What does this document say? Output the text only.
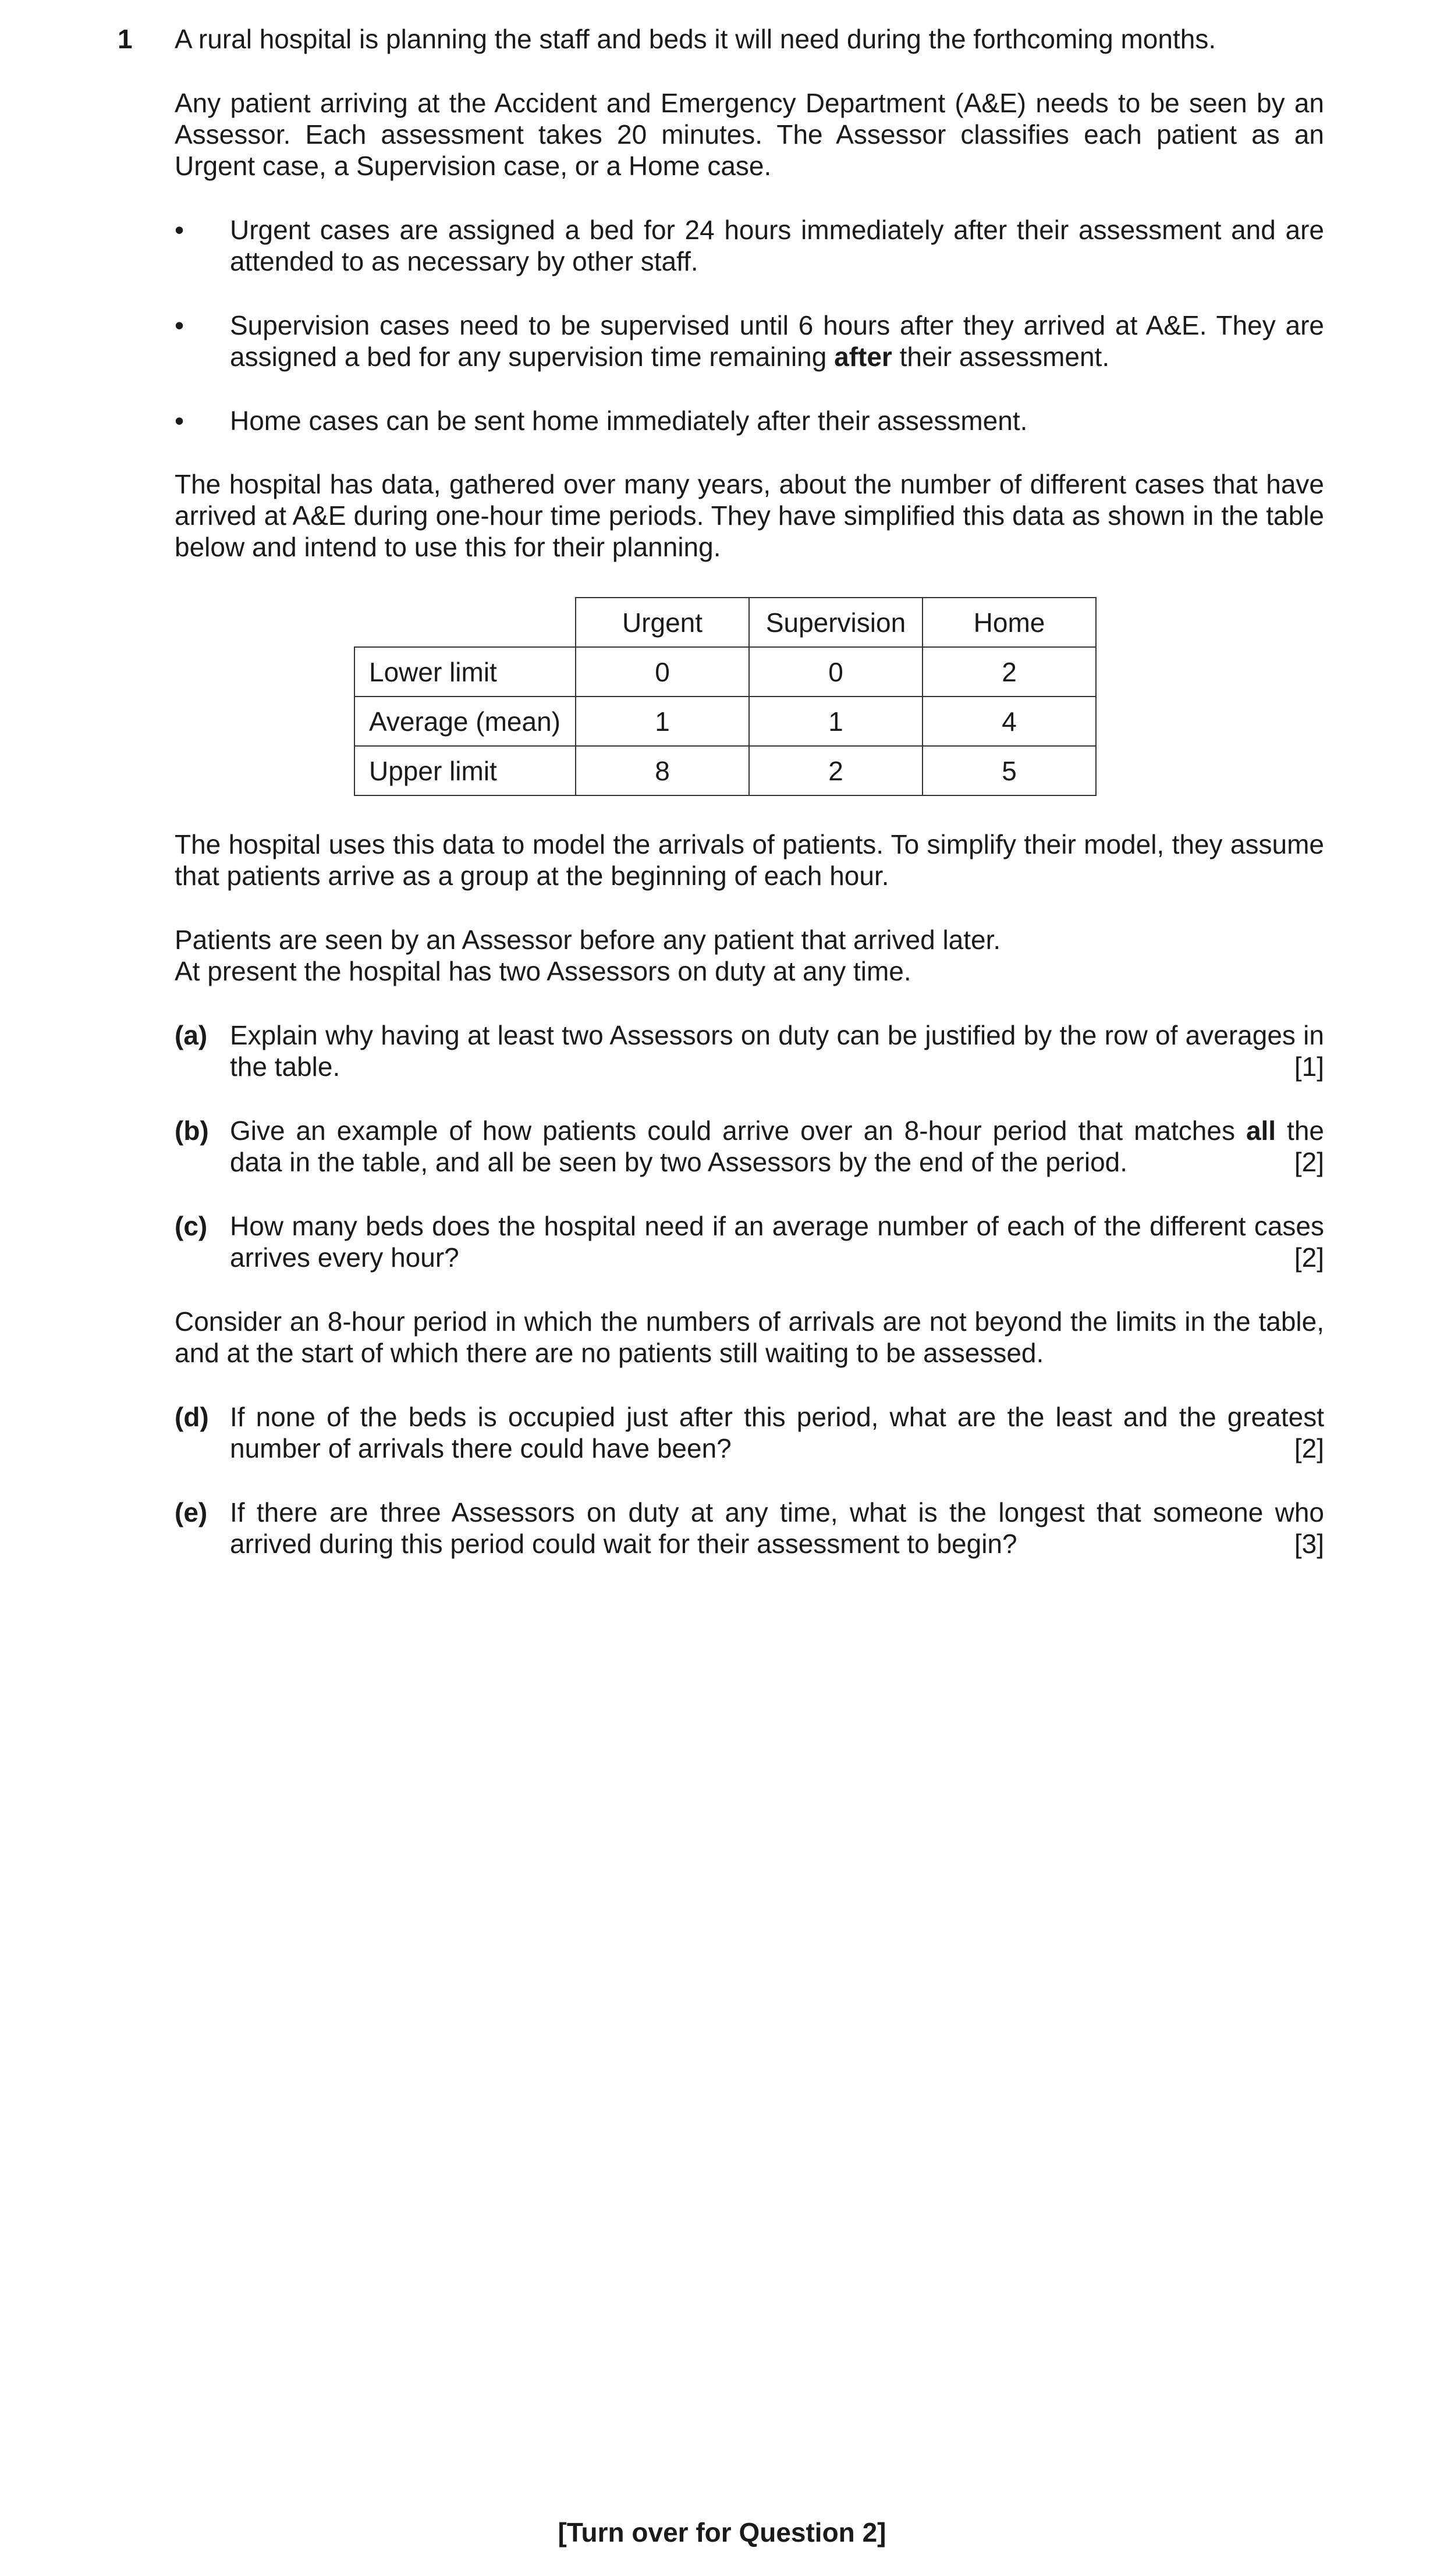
1 A rural hospital is planning the staff and beds it will need during the forthcoming months.

Any patient arriving at the Accident and Emergency Department (A&E) needs to be seen by an Assessor. Each assessment takes 20 minutes. The Assessor classifies each patient as an Urgent case, a Supervision case, or a Home case.

•	Urgent cases are assigned a bed for 24 hours immediately after their assessment and are attended to as necessary by other staff.
•	Supervision cases need to be supervised until 6 hours after they arrived at A&E. They are assigned a bed for any supervision time remaining after their assessment.
•	Home cases can be sent home immediately after their assessment.

The hospital has data, gathered over many years, about the number of different cases that have arrived at A&E during one-hour time periods. They have simplified this data as shown in the table below and intend to use this for their planning.

	Urgent	Supervision	Home
Lower limit	0	0	2
Average (mean)	1	1	4
Upper limit	8	2	5

The hospital uses this data to model the arrivals of patients. To simplify their model, they assume that patients arrive as a group at the beginning of each hour.

Patients are seen by an Assessor before any patient that arrived later.

At present the hospital has two Assessors on duty at any time.

(a) Explain why having at least two Assessors on duty can be justified by the row of averages in the table.	[1]
(b) Give an example of how patients could arrive over an 8-hour period that matches all the data in the table, and all be seen by two Assessors by the end of the period.	[2]
(c) How many beds does the hospital need if an average number of each of the different cases arrives every hour?	[2]

Consider an 8-hour period in which the numbers of arrivals are not beyond the limits in the table, and at the start of which there are no patients still waiting to be assessed.

(d) If none of the beds is occupied just after this period, what are the least and the greatest number of arrivals there could have been?	[2]
(e) If there are three Assessors on duty at any time, what is the longest that someone who arrived during this period could wait for their assessment to begin?	[3]
[Turn over for Question 2]
